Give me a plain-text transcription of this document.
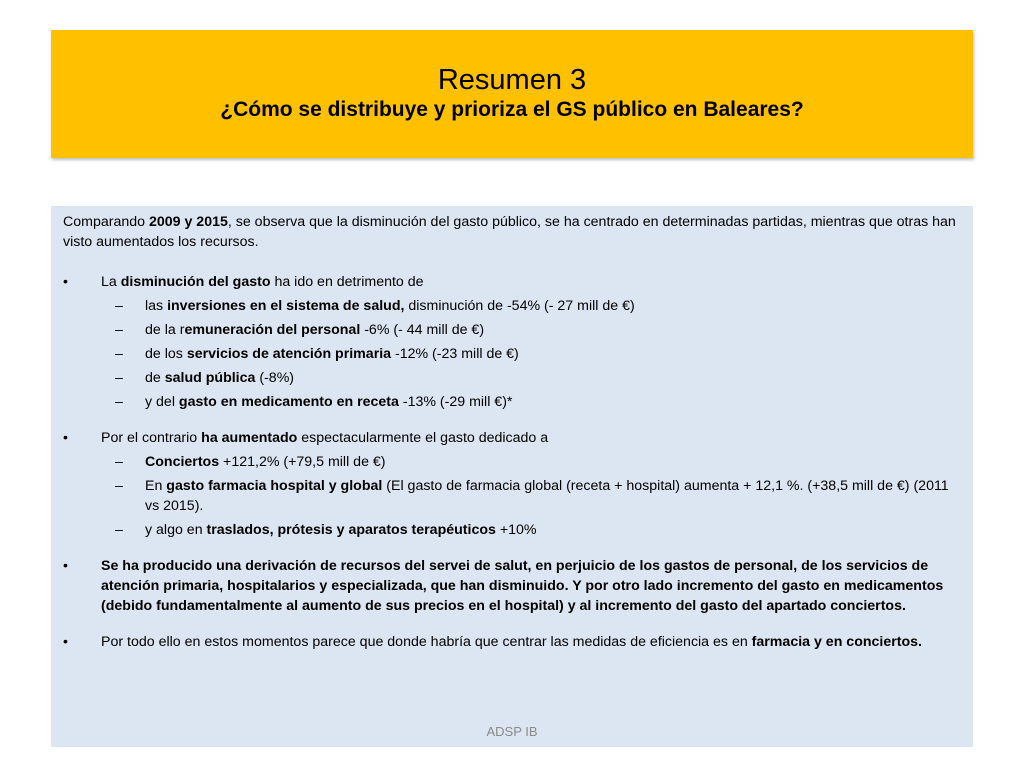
Resumen 3
¿Cómo se distribuye y prioriza el GS público en Baleares?

Comparando 2009 y 2015, se observa que la disminución del gasto público, se ha centrado en determinadas partidas, mientras que otras han visto aumentados los recursos.

•	La disminución del gasto ha ido en detrimento de
– las inversiones en el sistema de salud, disminución de -54% (- 27 mill de €)
– de la remuneración del personal -6% (- 44 mill de €)
– de los servicios de atención primaria -12% (-23 mill de €)
– de salud pública (-8%)
– y del gasto en medicamento en receta -13% (-29 mill €)*
•	Por el contrario ha aumentado espectacularmente el gasto dedicado a
– Conciertos +121,2% (+79,5 mill de €)
– En gasto farmacia hospital y global (El gasto de farmacia global (receta + hospital) aumenta + 12,1 %. (+38,5 mill de €) (2011 vs 2015).
– y algo en traslados, prótesis y aparatos terapéuticos +10%
•	Se ha producido una derivación de recursos del servei de salut, en perjuicio de los gastos de personal, de los servicios de atención primaria, hospitalarios y especializada, que han disminuido. Y por otro lado incremento del gasto en medicamentos (debido fundamentalmente al aumento de sus precios en el hospital) y al incremento del gasto del apartado conciertos.
•	Por todo ello en estos momentos parece que donde habría que centrar las medidas de eficiencia es en farmacia y en conciertos.
ADSP IB
